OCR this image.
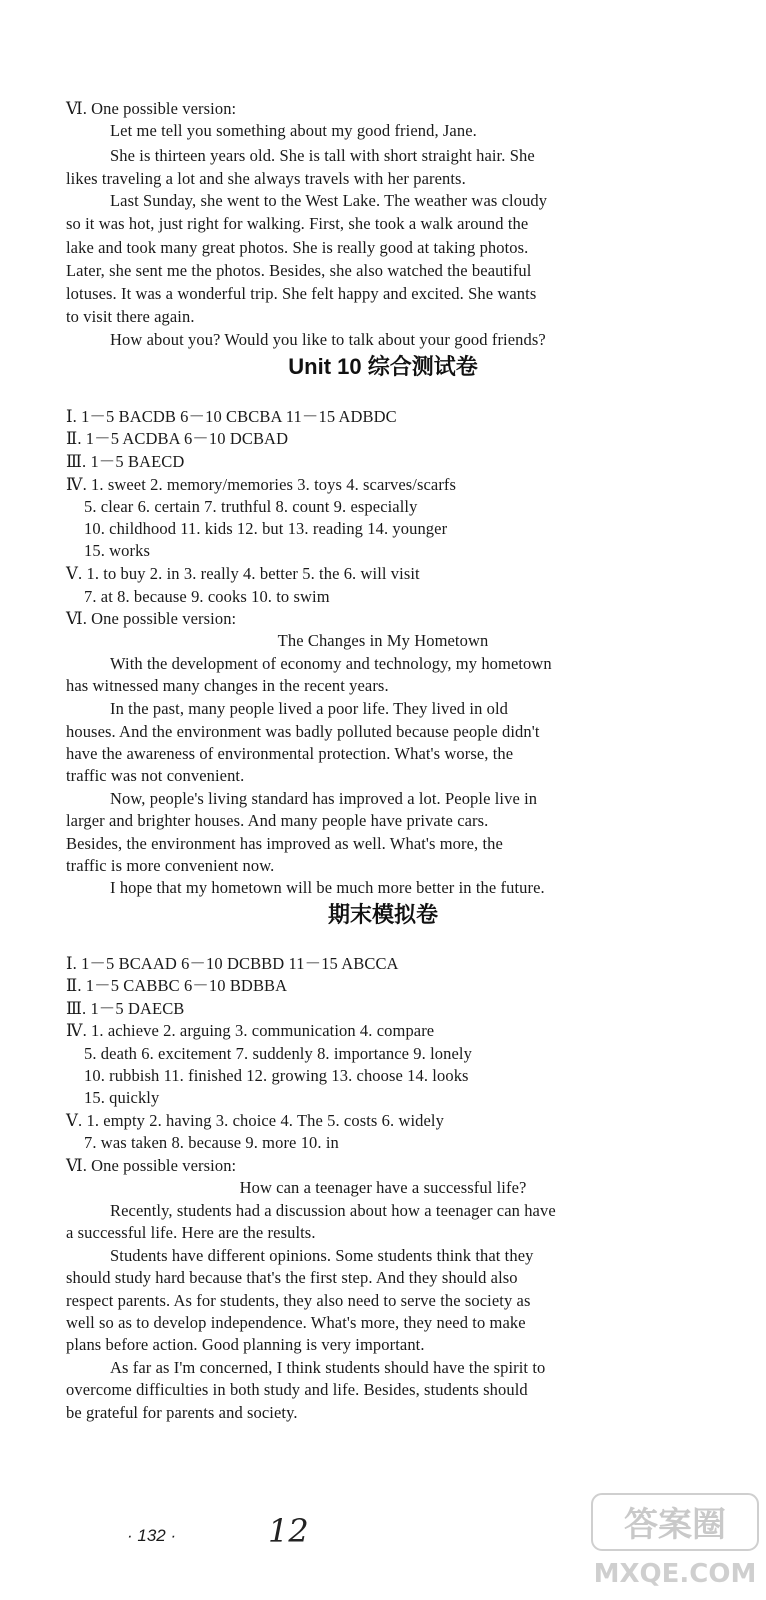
Ⅵ. One possible version:
Let me tell you something about my good friend, Jane.
She is thirteen years old. She is tall with short straight hair. She
likes traveling a lot and she always travels with her parents.
Last Sunday, she went to the West Lake. The weather was cloudy
so it was hot, just right for walking. First, she took a walk around the
lake and took many great photos. She is really good at taking photos.
Later, she sent me the photos. Besides, she also watched the beautiful
lotuses. It was a wonderful trip. She felt happy and excited. She wants
to visit there again.
How about you? Would you like to talk about your good friends?
Unit 10 综合测试卷
Ⅰ. 1－5 BACDB 6－10 CBCBA 11－15 ADBDC
Ⅱ. 1－5 ACDBA 6－10 DCBAD
Ⅲ. 1－5 BAECD
Ⅳ. 1. sweet 2. memory/memories 3. toys 4. scarves/scarfs
5. clear 6. certain 7. truthful 8. count 9. especially
10. childhood 11. kids 12. but 13. reading 14. younger
15. works
Ⅴ. 1. to buy 2. in 3. really 4. better 5. the 6. will visit
7. at 8. because 9. cooks 10. to swim
Ⅵ. One possible version:
The Changes in My Hometown
With the development of economy and technology, my hometown
has witnessed many changes in the recent years.
In the past, many people lived a poor life. They lived in old
houses. And the environment was badly polluted because people didn't
have the awareness of environmental protection. What's worse, the
traffic was not convenient.
Now, people's living standard has improved a lot. People live in
larger and brighter houses. And many people have private cars.
Besides, the environment has improved as well. What's more, the
traffic is more convenient now.
I hope that my hometown will be much more better in the future.
期末模拟卷
Ⅰ. 1－5 BCAAD 6－10 DCBBD 11－15 ABCCA
Ⅱ. 1－5 CABBC 6－10 BDBBA
Ⅲ. 1－5 DAECB
Ⅳ. 1. achieve 2. arguing 3. communication 4. compare
5. death 6. excitement 7. suddenly 8. importance 9. lonely
10. rubbish 11. finished 12. growing 13. choose 14. looks
15. quickly
Ⅴ. 1. empty 2. having 3. choice 4. The 5. costs 6. widely
7. was taken 8. because 9. more 10. in
Ⅵ. One possible version:
How can a teenager have a successful life?
Recently, students had a discussion about how a teenager can have
a successful life. Here are the results.
Students have different opinions. Some students think that they
should study hard because that's the first step. And they should also
respect parents. As for students, they also need to serve the society as
well so as to develop independence. What's more, they need to make
plans before action. Good planning is very important.
As far as I'm concerned, I think students should have the spirit to
overcome difficulties in both study and life. Besides, students should
be grateful for parents and society.
· 132 ·	12	答案圈
MXQE.COM
